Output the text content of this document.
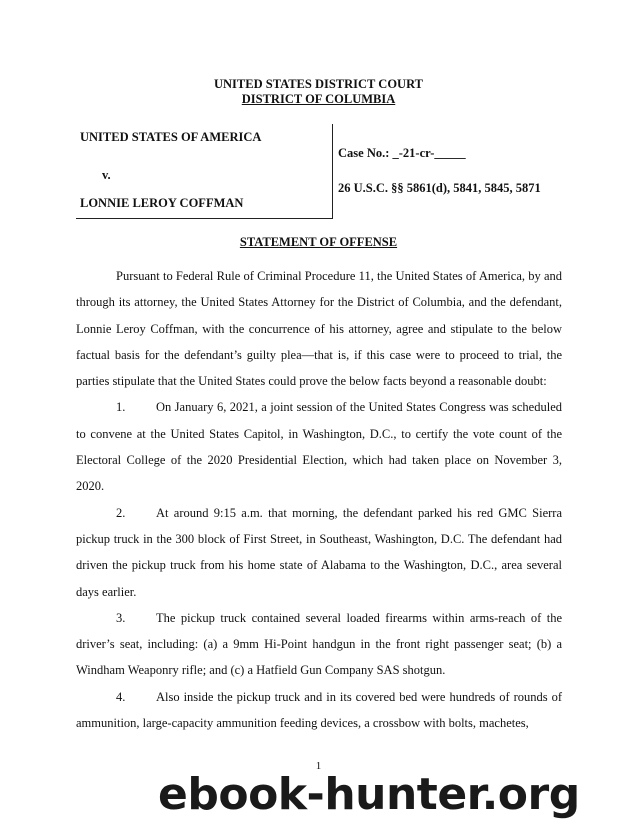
UNITED STATES DISTRICT COURT
DISTRICT OF COLUMBIA
UNITED STATES OF AMERICA
v.
LONNIE LEROY COFFMAN
Case No.: _-21-cr-_____
26 U.S.C. §§ 5861(d), 5841, 5845, 5871
STATEMENT OF OFFENSE

Pursuant to Federal Rule of Criminal Procedure 11, the United States of America, by and through its attorney, the United States Attorney for the District of Columbia, and the defendant, Lonnie Leroy Coffman, with the concurrence of his attorney, agree and stipulate to the below factual basis for the defendant’s guilty plea—that is, if this case were to proceed to trial, the parties stipulate that the United States could prove the below facts beyond a reasonable doubt:

1. On January 6, 2021, a joint session of the United States Congress was scheduled to convene at the United States Capitol, in Washington, D.C., to certify the vote count of the Electoral College of the 2020 Presidential Election, which had taken place on November 3, 2020.

2. At around 9:15 a.m. that morning, the defendant parked his red GMC Sierra pickup truck in the 300 block of First Street, in Southeast, Washington, D.C. The defendant had driven the pickup truck from his home state of Alabama to the Washington, D.C., area several days earlier.

3. The pickup truck contained several loaded firearms within arms-reach of the driver’s seat, including: (a) a 9mm Hi-Point handgun in the front right passenger seat; (b) a Windham Weaponry rifle; and (c) a Hatfield Gun Company SAS shotgun.

4. Also inside the pickup truck and in its covered bed were hundreds of rounds of ammunition, large-capacity ammunition feeding devices, a crossbow with bolts, machetes,

1
ebook-hunter.org
